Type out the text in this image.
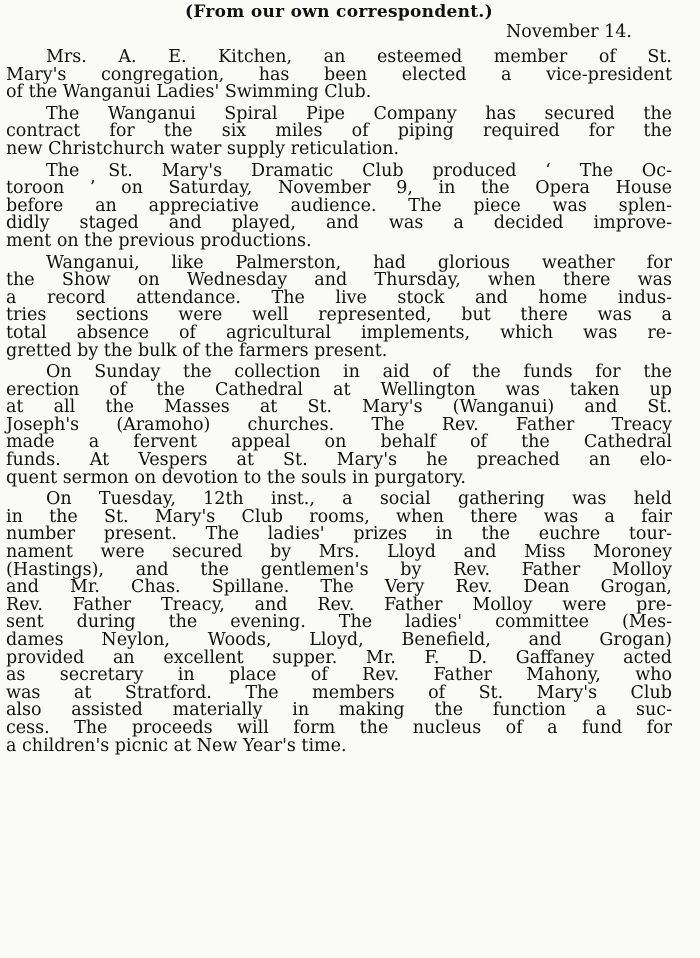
(From our own correspondent.)
November 14.
Mrs. A. E. Kitchen, an esteemed member of St.
Mary's congregation, has been elected a vice-president
of the Wanganui Ladies' Swimming Club.
The Wanganui Spiral Pipe Company has secured the
contract for the six miles of piping required for the
new Christchurch water supply reticulation.
The St. Mary's Dramatic Club produced ‘ The Oc-
toroon ’ on Saturday, November 9, in the Opera House
before an appreciative audience. The piece was splen-
didly staged and played, and was a decided improve-
ment on the previous productions.
Wanganui, like Palmerston, had glorious weather for
the Show on Wednesday and Thursday, when there was
a record attendance. The live stock and home indus-
tries sections were well represented, but there was a
total absence of agricultural implements, which was re-
gretted by the bulk of the farmers present.
On Sunday the collection in aid of the funds for the
erection of the Cathedral at Wellington was taken up
at all the Masses at St. Mary's (Wanganui) and St.
Joseph's (Aramoho) churches. The Rev. Father Treacy
made a fervent appeal on behalf of the Cathedral
funds. At Vespers at St. Mary's he preached an elo-
quent sermon on devotion to the souls in purgatory.
On Tuesday, 12th inst., a social gathering was held
in the St. Mary's Club rooms, when there was a fair
number present. The ladies' prizes in the euchre tour-
nament were secured by Mrs. Lloyd and Miss Moroney
(Hastings), and the gentlemen's by Rev. Father Molloy
and Mr. Chas. Spillane. The Very Rev. Dean Grogan,
Rev. Father Treacy, and Rev. Father Molloy were pre-
sent during the evening. The ladies' committee (Mes-
dames Neylon, Woods, Lloyd, Benefield, and Grogan)
provided an excellent supper. Mr. F. D. Gaffaney acted
as secretary in place of Rev. Father Mahony, who
was at Stratford. The members of St. Mary's Club
also assisted materially in making the function a suc-
cess. The proceeds will form the nucleus of a fund for
a children's picnic at New Year's time.
